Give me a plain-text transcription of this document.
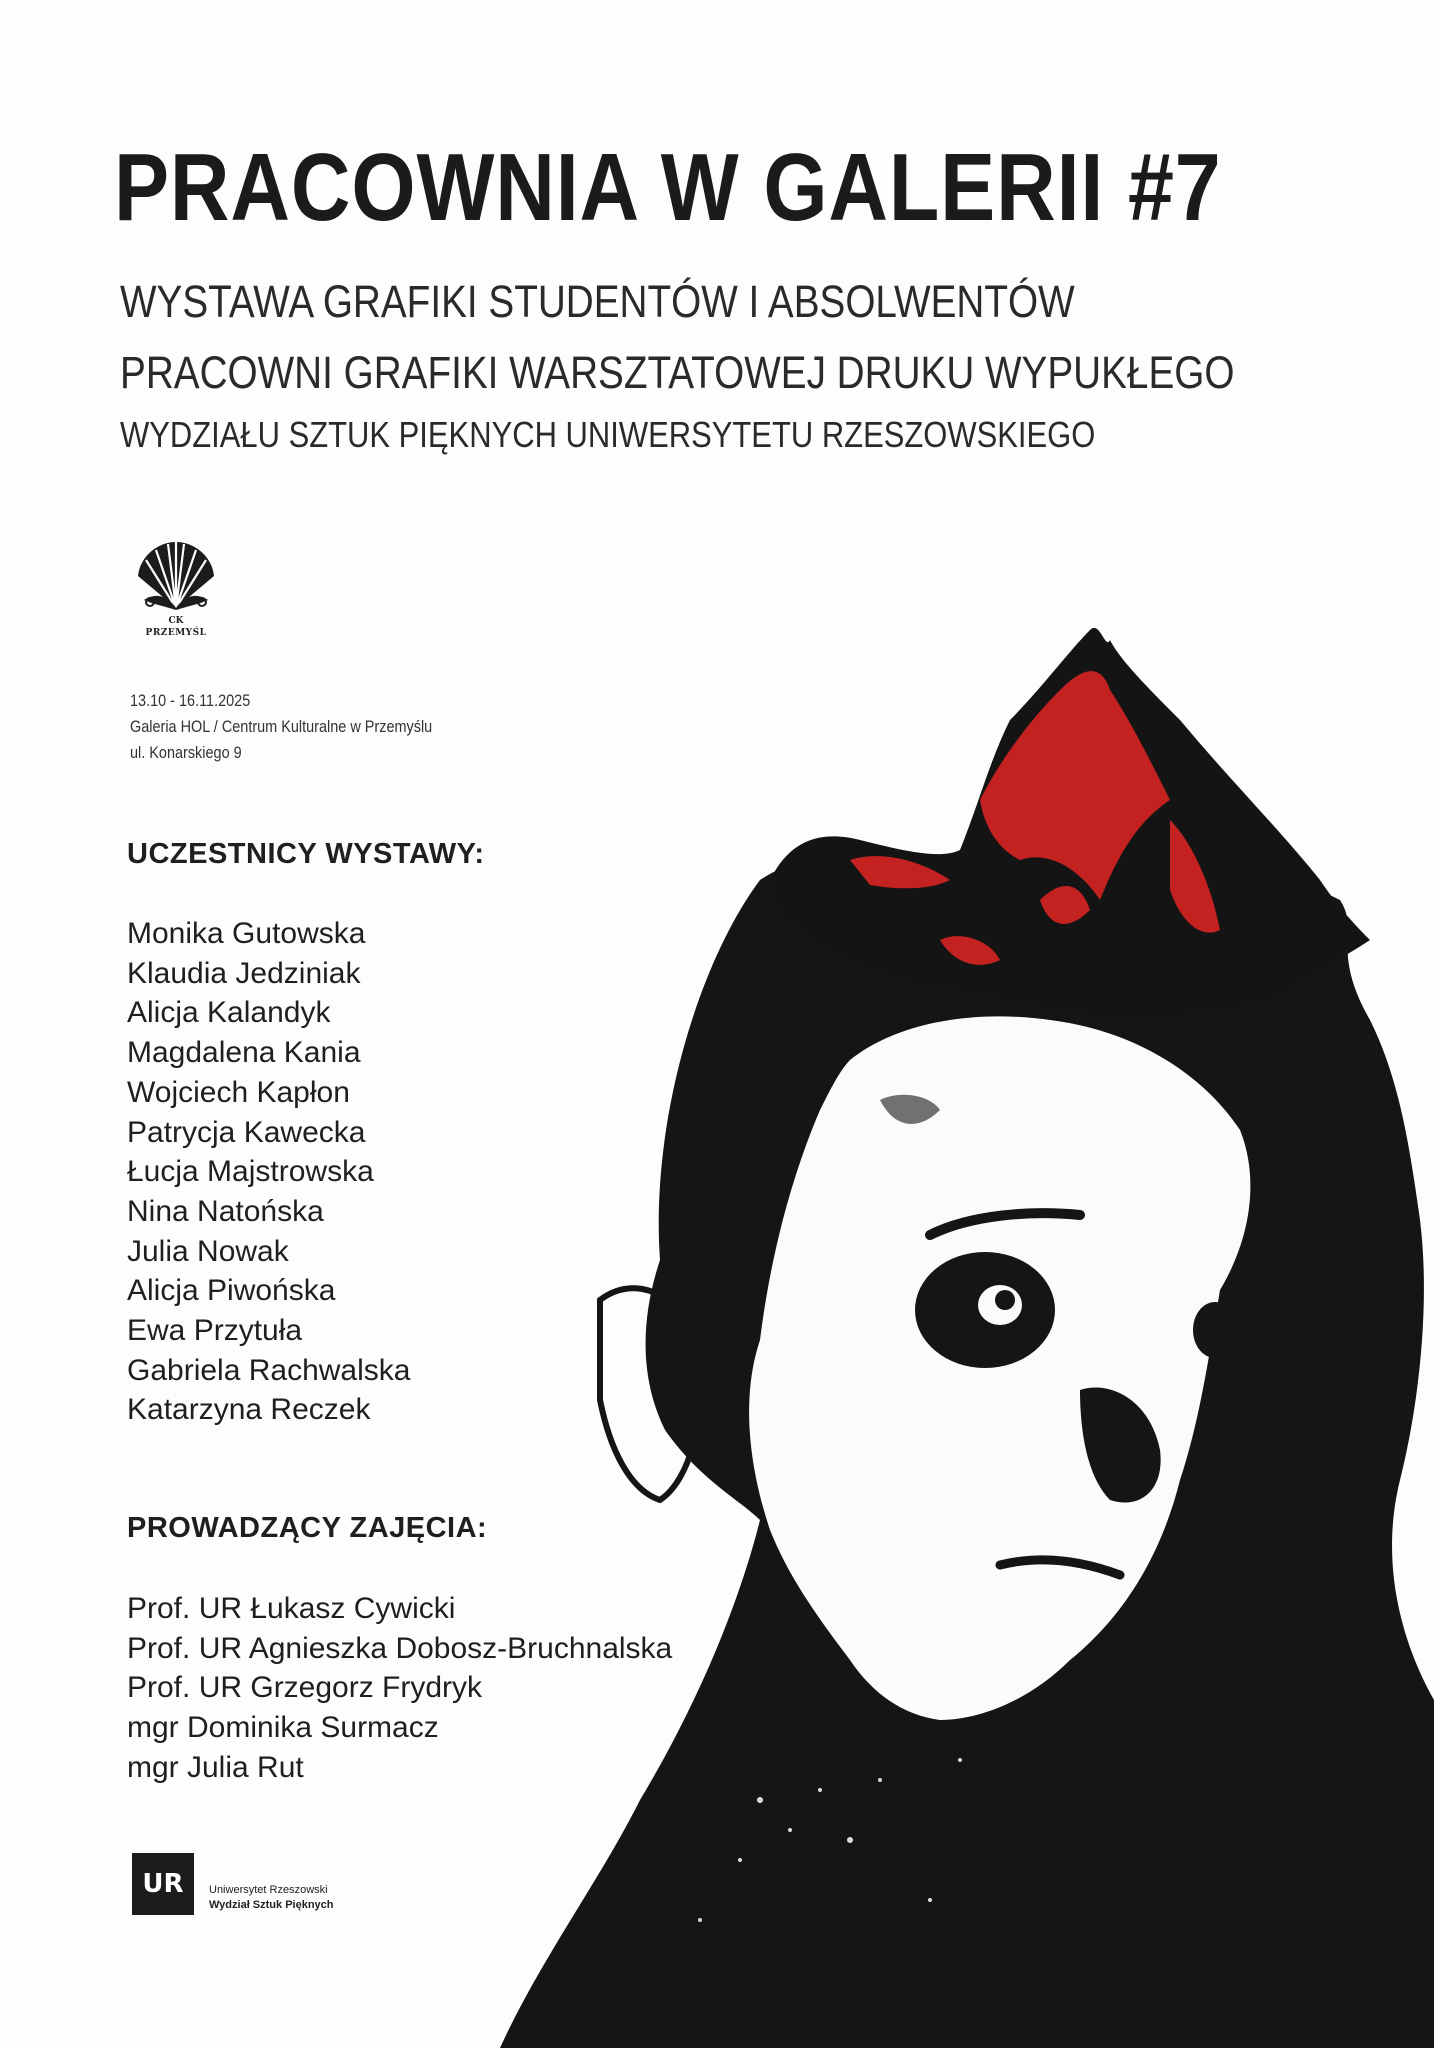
PRACOWNIA W GALERII #7
WYSTAWA GRAFIKI STUDENTÓW I ABSOLWENTÓW
PRACOWNI GRAFIKI WARSZTATOWEJ DRUKU WYPUKŁEGO
WYDZIAŁU SZTUK PIĘKNYCH UNIWERSYTETU RZESZOWSKIEGO
CK
PRZEMYŚL
13.10 - 16.11.2025
Galeria HOL / Centrum Kulturalne w Przemyślu
ul. Konarskiego 9
UCZESTNICY WYSTAWY:
Monika Gutowska
Klaudia Jedziniak
Alicja Kalandyk
Magdalena Kania
Wojciech Kapłon
Patrycja Kawecka
Łucja Majstrowska
Nina Natońska
Julia Nowak
Alicja Piwońska
Ewa Przytuła
Gabriela Rachwalska
Katarzyna Reczek
PROWADZĄCY ZAJĘCIA:
Prof. UR Łukasz Cywicki
Prof. UR Agnieszka Dobosz-Bruchnalska
Prof. UR Grzegorz Frydryk
mgr Dominika Surmacz
mgr Julia Rut
UR	Uniwersytet Rzeszowski
Wydział Sztuk Pięknych
